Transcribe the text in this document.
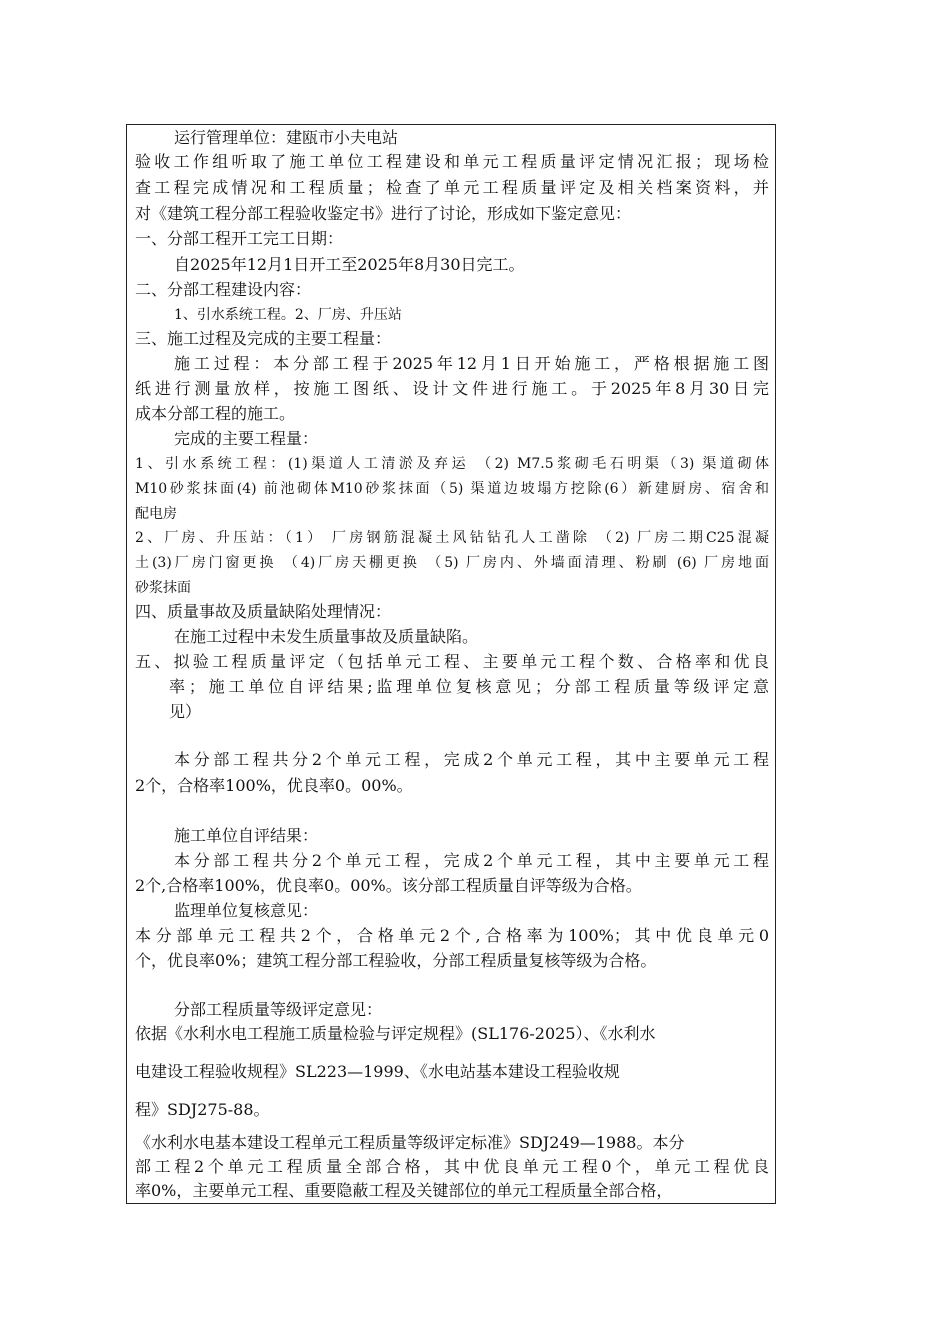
运行管理单位：建瓯市小夫电站
验收工作组听取了施工单位工程建设和单元工程质量评定情况汇报；现场检
查工程完成情况和工程质量；检查了单元工程质量评定及相关档案资料，并
对《建筑工程分部工程验收鉴定书》进行了讨论，形成如下鉴定意见：
一、分部工程开工完工日期：
自2025年12月1日开工至2025年8月30日完工。
二、分部工程建设内容：
1、引水系统工程。2、厂房、升压站
三、施工过程及完成的主要工程量：
施工过程：本分部工程于2025年12月1日开始施工，严格根据施工图
纸进行测量放样，按施工图纸、设计文件进行施工。于2025年8月30日完
成本分部工程的施工。
完成的主要工程量：
1、引水系统工程：(1)渠道人工清淤及弃运 （2) M7.5浆砌毛石明渠（3) 渠道砌体
M10砂浆抹面(4) 前池砌体M10砂浆抹面（5) 渠道边坡塌方挖除(6）新建厨房、宿舍和
配电房
2、厂房、升压站：（1） 厂房钢筋混凝土风钻钻孔人工凿除 （2) 厂房二期C25混凝
土(3)厂房门窗更换 （4)厂房天棚更换 （5) 厂房内、外墙面清理、粉刷 (6) 厂房地面
砂浆抹面
四、质量事故及质量缺陷处理情况：
在施工过程中未发生质量事故及质量缺陷。
五、拟验工程质量评定（包括单元工程、主要单元工程个数、合格率和优良
率；施工单位自评结果;监理单位复核意见；分部工程质量等级评定意
见）
本分部工程共分2个单元工程，完成2个单元工程，其中主要单元工程
2个，合格率100%，优良率0。00%。
施工单位自评结果：
本分部工程共分2个单元工程，完成2个单元工程，其中主要单元工程
2个,合格率100%，优良率0。00%。该分部工程质量自评等级为合格。
监理单位复核意见：
本分部单元工程共2个，合格单元2个,合格率为100%；其中优良单元0
个，优良率0%；建筑工程分部工程验收，分部工程质量复核等级为合格。
分部工程质量等级评定意见：
依据《水利水电工程施工质量检验与评定规程》(SL176-2025）、《水利水
电建设工程验收规程》SL223—1999、《水电站基本建设工程验收规
程》SDJ275-88。
《水利水电基本建设工程单元工程质量等级评定标准》SDJ249—1988。本分
部工程2个单元工程质量全部合格，其中优良单元工程0个，单元工程优良
率0%，主要单元工程、重要隐蔽工程及关键部位的单元工程质量全部合格，
